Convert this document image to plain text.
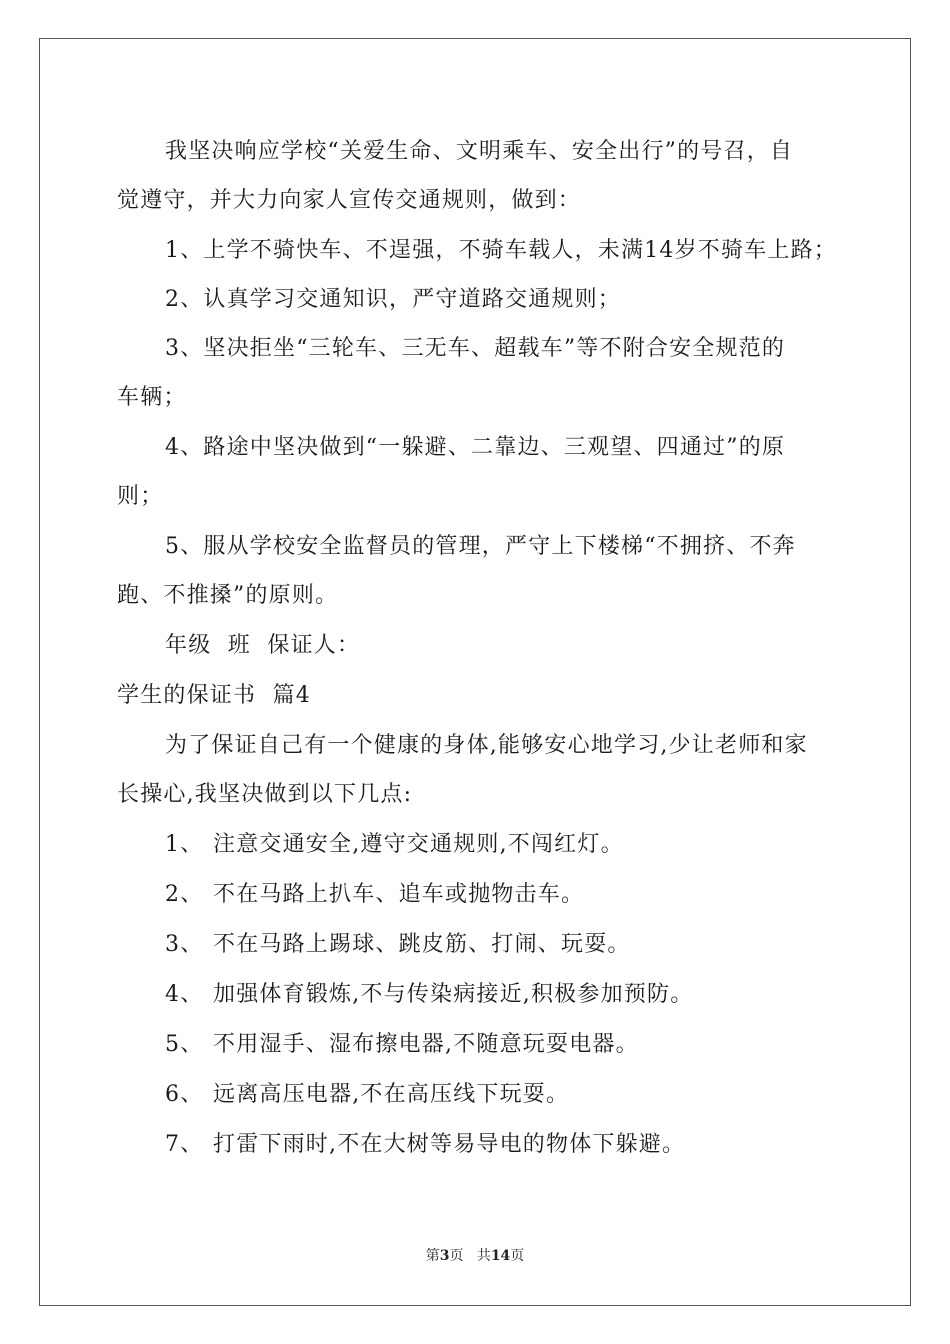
我坚决响应学校“关爱生命、文明乘车、安全出行”的号召，自
觉遵守，并大力向家人宣传交通规则，做到：
1、上学不骑快车、不逞强，不骑车载人，未满14岁不骑车上路；
2、认真学习交通知识，严守道路交通规则；
3、坚决拒坐“三轮车、三无车、超载车”等不附合安全规范的
车辆；
4、路途中坚决做到“一躲避、二靠边、三观望、四通过”的原
则；
5、服从学校安全监督员的管理，严守上下楼梯“不拥挤、不奔
跑、不推搡”的原则。
年级  班  保证人：
学生的保证书  篇4
为了保证自己有一个健康的身体,能够安心地学习,少让老师和家
长操心,我坚决做到以下几点:
1、 注意交通安全,遵守交通规则,不闯红灯。
2、 不在马路上扒车、追车或抛物击车。
3、 不在马路上踢球、跳皮筋、打闹、玩耍。
4、 加强体育锻炼,不与传染病接近,积极参加预防。
5、 不用湿手、湿布擦电器,不随意玩耍电器。
6、 远离高压电器,不在高压线下玩耍。
7、 打雷下雨时,不在大树等易导电的物体下躲避。
第3页 共14页
